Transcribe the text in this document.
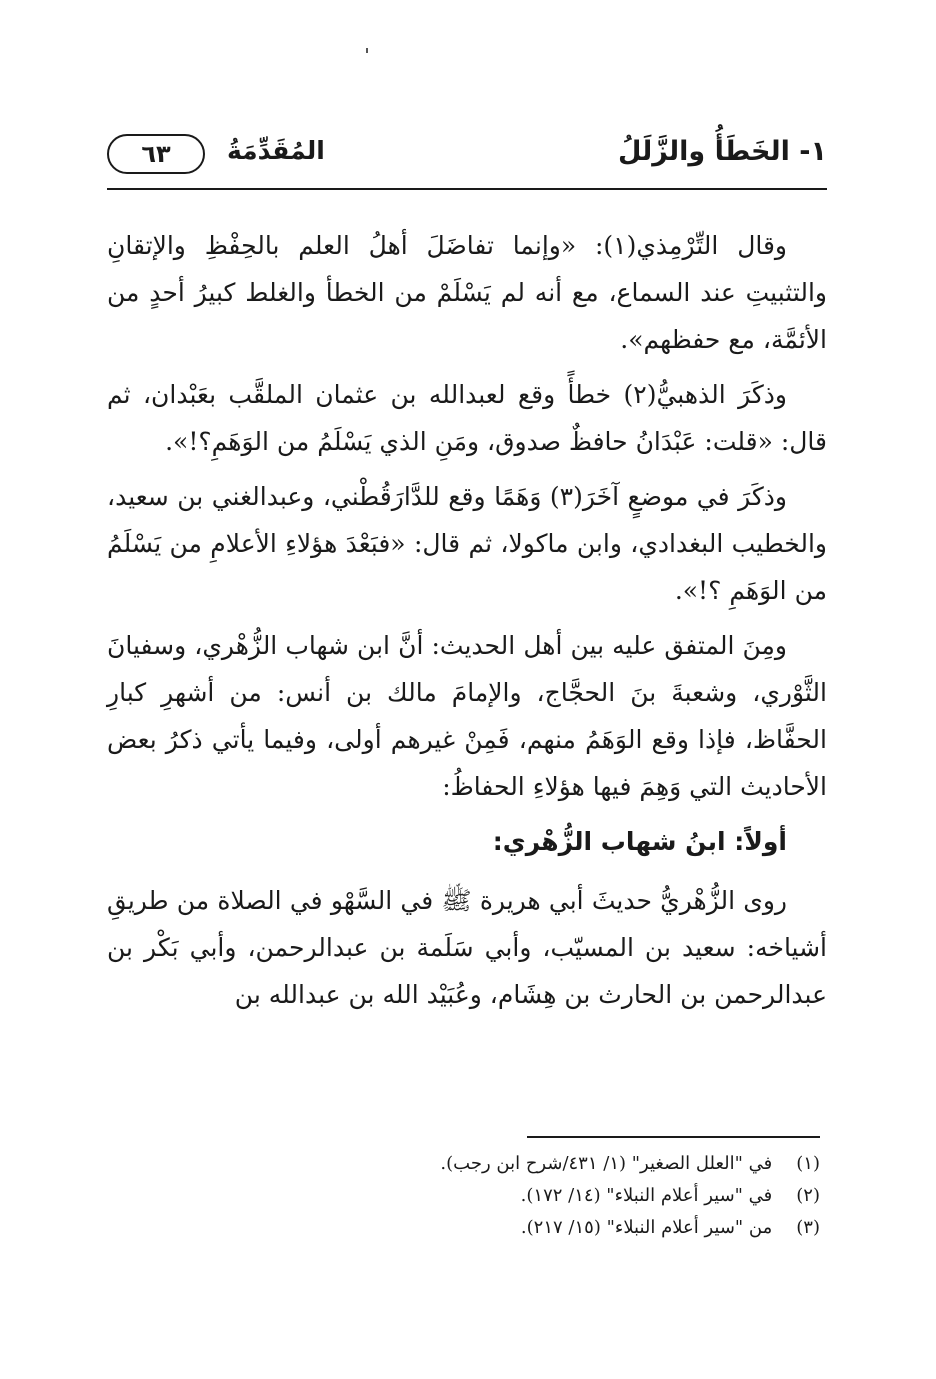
١- الخَطَأُ والزَّلَلُ
المُقَدِّمَةُ
٦٣

وقال التِّرْمِذي(١): «وإنما تفاضَلَ أهلُ العلم بالحِفْظِ والإتقانِ والتثبيتِ عند السماع، مع أنه لم يَسْلَمْ من الخطأ والغلط كبيرُ أحدٍ من الأئمَّة، مع حفظهم».

وذكَرَ الذهبيُّ(٢) خطأً وقع لعبدالله بن عثمان الملقَّب بعَبْدان، ثم قال: «قلت: عَبْدَانُ حافظٌ صدوق، ومَنِ الذي يَسْلَمُ من الوَهَمِ؟!».

وذكَرَ في موضعٍ آخَرَ(٣) وَهَمًا وقع للدَّارَقُطْني، وعبدالغني بن سعيد، والخطيب البغدادي، وابن ماكولا، ثم قال: «فبَعْدَ هؤلاءِ الأعلامِ من يَسْلَمُ من الوَهَمِ ؟!».

ومِنَ المتفق عليه بين أهل الحديث: أنَّ ابن شهاب الزُّهْري، وسفيانَ الثَّوْري، وشعبةَ بنَ الحجَّاج، والإمامَ مالك بن أنس: من أشهرِ كبارِ الحفَّاظ، فإذا وقع الوَهَمُ منهم، فَمِنْ غيرهم أولى، وفيما يأتي ذكرُ بعض الأحاديث التي وَهِمَ فيها هؤلاءِ الحفاظُ:

أولاً: ابنُ شهاب الزُّهْري:

روى الزُّهْريُّ حديثَ أبي هريرة ﷺ في السَّهْو في الصلاة من طريقِ أشياخه: سعيد بن المسيّب، وأبي سَلَمة بن عبدالرحمن، وأبي بَكْر بن عبدالرحمن بن الحارث بن هِشَام، وعُبَيْد الله بن عبدالله بن

(١) في "العلل الصغير" (١/ ٤٣١/شرح ابن رجب).
(٢) في "سير أعلام النبلاء" (١٤/ ١٧٢).
(٣) من "سير أعلام النبلاء" (١٥/ ٢١٧).
